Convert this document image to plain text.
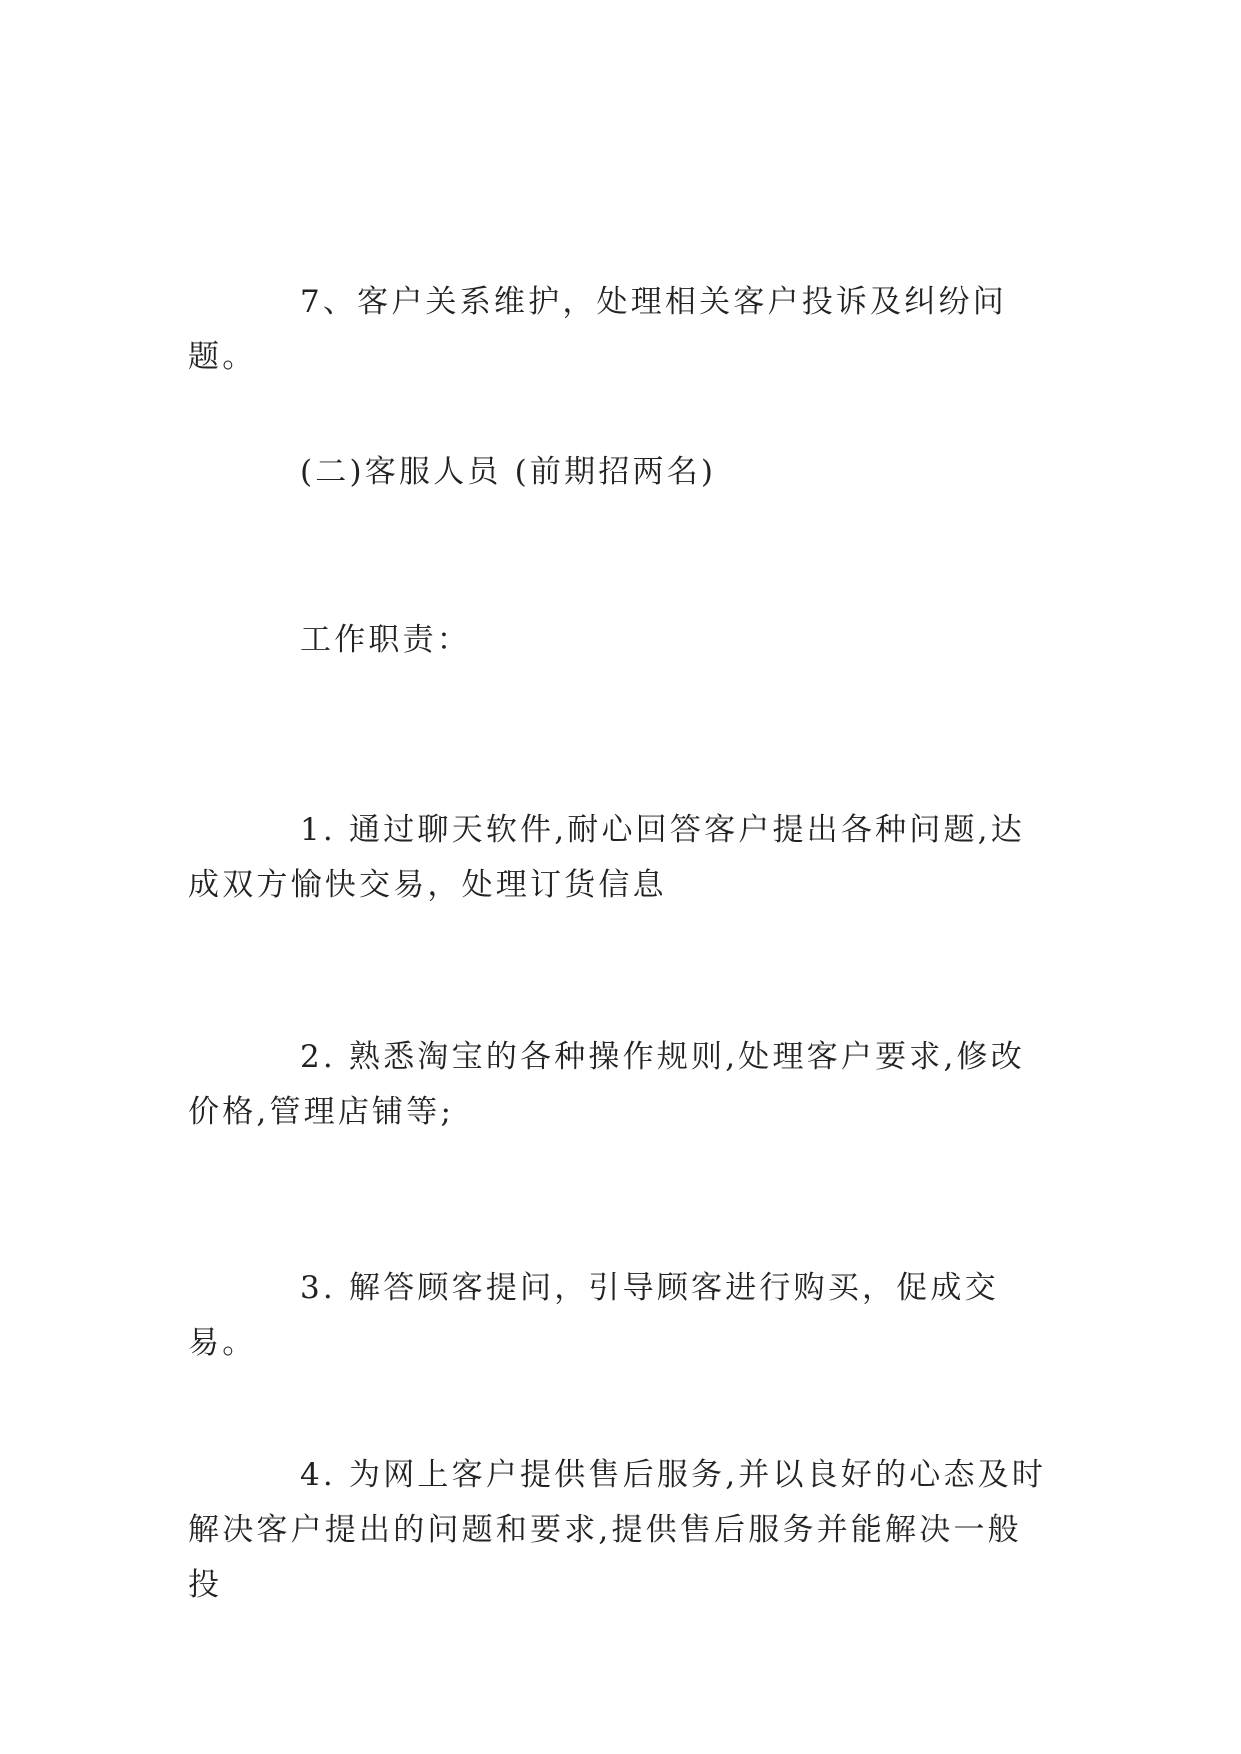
7、客户关系维护，处理相关客户投诉及纠纷问题。

(二)客服人员 (前期招两名)

工作职责：

1. 通过聊天软件,耐心回答客户提出各种问题,达成双方愉快交易，处理订货信息

2. 熟悉淘宝的各种操作规则,处理客户要求,修改价格,管理店铺等;

3. 解答顾客提问，引导顾客进行购买，促成交易。

4. 为网上客户提供售后服务,并以良好的心态及时解决客户提出的问题和要求,提供售后服务并能解决一般投
